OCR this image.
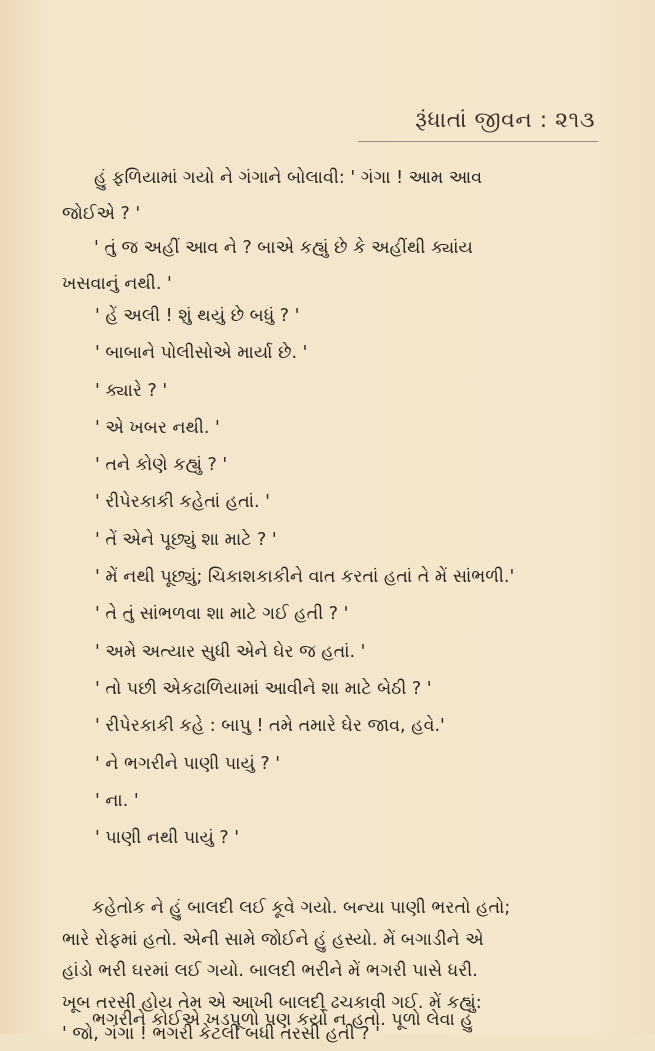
રૂંધાતાં જીવન : ૨૧૩
હું ફળિયામાં ગયો ને ગંગાને બોલાવી: ' ગંગા ! આમ આવ
જોઈએ ? '
' તું જ અહીં આવ ને ? બાએ કહ્યું છે કે અહીંથી ક્યાંય
ખસવાનું નથી. '
' હેં અલી ! શું થયું છે બધું ? '
' બાબાને પોલીસોએ માર્યા છે. '
' ક્યારે ? '
' એ ખબર નથી. '
' તને કોણે કહ્યું ? '
' રીપેરકાકી કહેતાં હતાં. '
' તેં એને પૂછ્યું શા માટે ? '
' મેં નથી પૂછ્યું; ચિકાશકાકીને વાત કરતાં હતાં તે મેં સાંભળી.'
' તે તું સાંભળવા શા માટે ગઈ હતી ? '
' અમે અત્યાર સુધી એને ઘેર જ હતાં. '
' તો પછી એકઢાળિયામાં આવીને શા માટે બેઠી ? '
' રીપેરકાકી કહે : બાપુ ! તમે તમારે ઘેર જાવ, હવે.'
' ને ભગરીને પાણી પાયું ? '
' ના. '
' પાણી નથી પાયું ? '
કહેતોક ને હું બાલદી લઈ કૂવે ગયો. બન્યા પાણી ભરતો હતો;
ભારે રોફમાં હતો. એની સામે જોઈને હું હસ્યો. મેં બગાડીને એ
હાંડો ભરી ઘરમાં લઈ ગયો. બાલદી ભરીને મેં ભગરી પાસે ધરી.
ખૂબ તરસી હોય તેમ એ આખી બાલદી ઢચકાવી ગઈ. મેં કહ્યું:
' જો, ગંગા ! ભગરી કેટલી બધી તરસી હતી ? '
ભગરીને કોઈએ ખડપૂળો પણ કર્યો ન હતો. પૂળો લેવા હું
